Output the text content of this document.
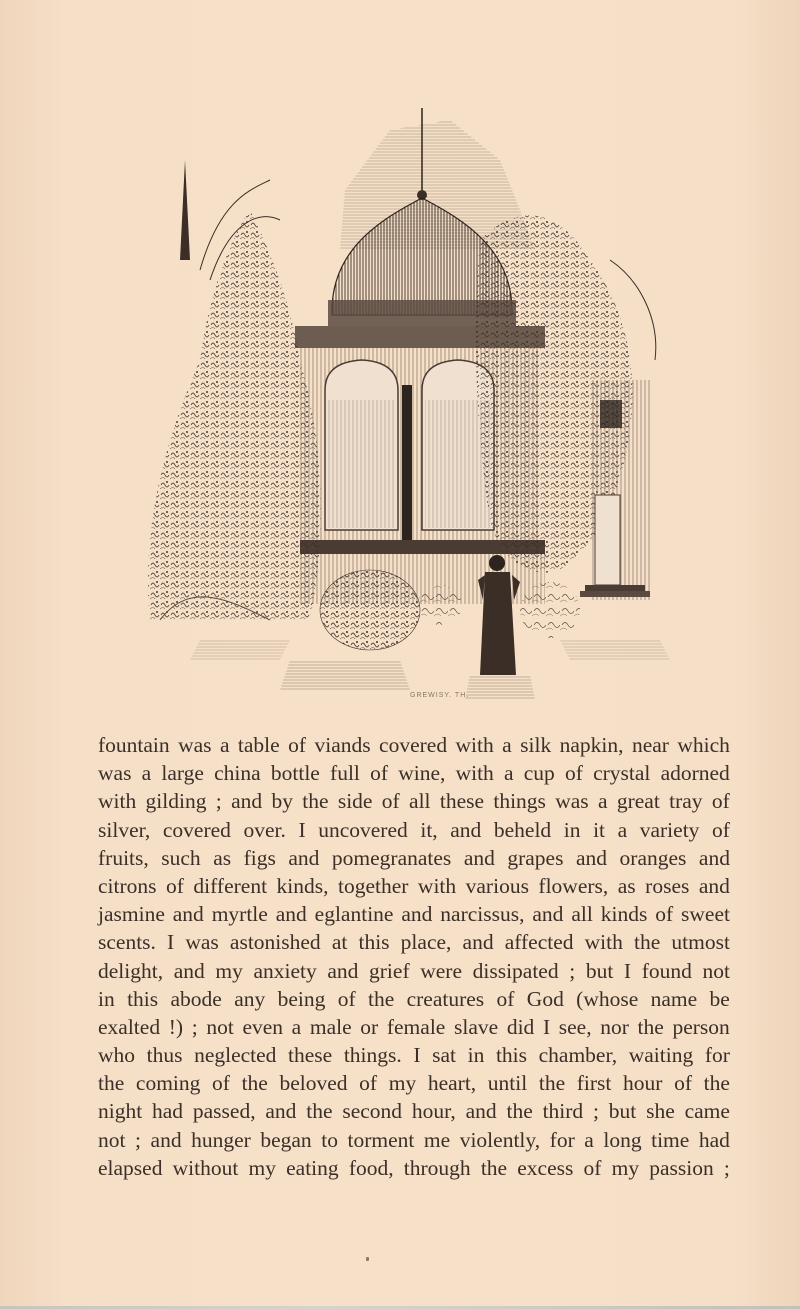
GREWISY. TH.
fountain was a table of viands covered with a silk napkin, near which
was a large china bottle full of wine, with a cup of crystal adorned
with gilding ; and by the side of all these things was a great tray of
silver, covered over. I uncovered it, and beheld in it a variety of
fruits, such as figs and pomegranates and grapes and oranges and
citrons of different kinds, together with various flowers, as roses and
jasmine and myrtle and eglantine and narcissus, and all kinds of sweet
scents. I was astonished at this place, and affected with the utmost
delight, and my anxiety and grief were dissipated ; but I found not
in this abode any being of the creatures of God (whose name be
exalted !) ; not even a male or female slave did I see, nor the person
who thus neglected these things. I sat in this chamber, waiting for
the coming of the beloved of my heart, until the first hour of the
night had passed, and the second hour, and the third ; but she came
not ; and hunger began to torment me violently, for a long time had
elapsed without my eating food, through the excess of my passion ;
